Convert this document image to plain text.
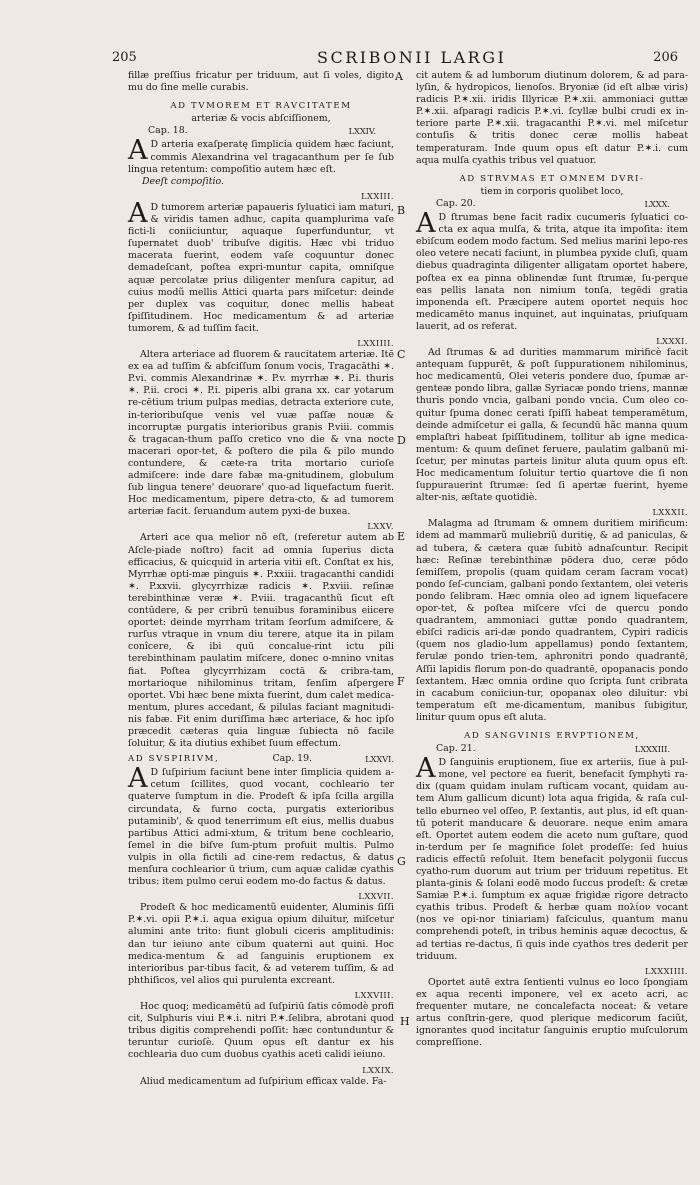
205	SCRIBONII LARGI	206
A
B
C
D
E
F
G
H

fillæ preſſius fricatur per triduum, aut ſi voles, digito mu do ſine melle curabis.

AD TVMOREM ET RAVCITATEM
arteriæ & vocis abſciſſionem,
Cap. 18.	LXXIV.

A D arteria exaſperatę ſimplicia quidem hæc faciunt, commis Alexandrina vel tragacanthum per ſe ſub lingua retentum: compoſitio autem hæc eſt.

Deeſt compoſitio.

LXXIII.

A D tumorem arteriæ papaueris ſyluatici iam maturi, & viridis tamen adhuc, capita quamplurima vaſe ficti-li coniiciuntur, aquaque ſuperfunduntur, vt ſupernatet duob' tribuſve digitis. Hæc vbi triduo macerata fuerint, eodem vaſe coquuntur donec demadeſcant, poſtea expri-muntur capita, omniſque aquæ percolatæ prius diligenter menſura capitur, ad cuius modũ mellis Attici quarta pars miſcetur: deinde per duplex vas coquitur, donec mellis habeat ſpiſſitudinem. Hoc medicamentum & ad arteriæ tumorem, & ad tuſſim facit.

LXXIIII.

Altera arteriace ad fluorem & raucitatem arteriæ. Itē ex ea ad tuſſim & abſciſſum ſonum vocis, Tragacāthi ✶. P.vi. commis Alexandrinæ ✶. P.v. myrrhæ ✶. P.i. thuris ✶. P.ii. croci ✶. P.i. piperis albi grana xx. car yotarum re-cētium trium pulpas medias, detracta exteriore cute, in-terioribuſque venis vel vuæ paſſæ nouæ & incorruptæ purgatis interioribus granis P.viii. commis & tragacan-thum paſſo cretico vno die & vna nocte macerari opor-tet, & poſtero die pila & pilo mundo contundere, & cæte-ra trita mortario curioſe admiſcere: inde dare fabæ ma-gnitudinem, globulum ſub lingua tenere' deuorare' quo-ad liquefactum fuerit. Hoc medicamentum, pipere detra-cto, & ad tumorem arteriæ facit. ſeruandum autem pyxi-de buxea.

LXXV.

Arteri ace qua melior nõ eſt, (referetur autem ab Aſcle-piade noſtro) facit ad omnia ſuperius dicta efficacius, & quicquid in arteria vitii eſt. Conſtat ex his, Myrrhæ opti-mæ pinguis ✶. P.xxiii. tragacanthi candidi ✶. P.xxvii. glycyrrhizæ radicis ✶. P.xviii. reſinæ terebinthinæ veræ ✶. P.viii. tragacanthũ ſicut eſt contūdere, & per cribrū tenuibus foraminibus eiicere oportet: deinde myrrham tritam ſeorſum admiſcere, & rurſus vtraque in vnum diu terere, atque ita in pilam conîcere, & ibi quū concalue-rint ictu pili terebinthinam paulatim miſcere, donec o-mnino vnitas fiat. Poſtea glycyrrhizam coctā & cribra-tam, mortarioque nihilominus tritam, ſenſim aſpergere oportet. Vbi hæc bene mixta fuerint, dum calet medica-mentum, plures accedant, & pilulas faciant magnitudi-nis fabæ. Fit enim duriſſima hæc arteriace, & hoc ipſo præcedit cæteras quia linguæ ſubiecta nō facile ſoluitur, & ita diutius exhibet ſuum effectum.

AD SVSPIRIVM,	Cap. 19.	LXXVI.

A D ſuſpirium faciunt bene inter ſimplicia quidem a-cetum ſcillites, quod vocant, cochleario ter quaterve ſumptum in die. Prodeſt & ipſa ſcilla argilla circundata, & furno cocta, purgatis exterioribus putaminib', & quod tenerrimum eſt eius, mellis duabus partibus Attici admi-xtum, & tritum bene cochleario, ſemel in die biſve ſum-ptum profuit multis. Pulmo vulpis in olla fictili ad cine-rem redactus, & datus menſura cochlearior ū trium, cum aquæ calidæ cyathis tribus: item pulmo cerui eodem mo-do factus & datus.

LXXVII.

Prodeſt & hoc medicamentũ euidenter, Aluminis ſiſſi P.✶.vi. opii P.✶.i. aqua exigua opium diluitur, miſcetur alumini ante trito: fiunt globuli ciceris amplitudinis: dan tur ieiuno ante cibum quaterni aut quini. Hoc medica-mentum & ad ſanguinis eruptionem ex interioribus par-tibus facit, & ad veterem tuſſim, & ad phthiſicos, vel alios qui purulenta excreant.

LXXVIII.

Hoc quoq; medicamētū ad ſuſpiriū ſatis cōmodè profi cit, Sulphuris viui P.✶.i. nitri P.✶.ſelibra, abrotani quod tribus digitis comprehendi poſſit: hæc contunduntur & teruntur curioſè. Quum opus eſt dantur ex his cochlearia duo cum duobus cyathis aceti calidi ieiuno.

LXXIX.

Aliud medicamentum ad ſuſpirium efficax valde. Fa-

cit autem & ad lumborum diutinum dolorem, & ad para-lyſin, & hydropicos, lienoſos. Bryoniæ (id eſt albæ viris) radicis P.✶.xii. iridis Illyricæ P.✶.xii. ammoniaci guttæ P.✶.xii. aſparagi radicis P.✶.vi. ſcyllæ bulbi crudi ex in-teriore parte P.✶.xii. tragacanthi P.✶.vi. mel miſcetur contuſis & tritis donec ceræ mollis habeat temperaturam. Inde quum opus eſt datur P.✶.i. cum aqua mulſa cyathis tribus vel quatuor.

AD STRVMAS ET OMNEM DVRI-
tiem in corporis quolibet loco,
Cap. 20.	LXXX.

A D ſtrumas bene facit radix cucumeris ſyluatici co-cta ex aqua mulſa, & trita, atque ita impoſita: item ebiſcum eodem modo factum. Sed melius marini lepo-res oleo vetere necati faciunt, in plumbea pyxide cluſi, quam diebus quadraginta diligenter alligatam oportet habere, poſtea ex ea pinna oblinendæ ſunt ſtrumæ, ſu-perque eas pellis lanata non nimium tonſa, tegēdi gratia imponenda eſt. Præcipere autem oportet nequis hoc medicamēto manus inquinet, aut inquinatas, priuſquam lauerit, ad os referat.

LXXXI.

Ad ſtrumas & ad durities mammarum mirificè facit antequam ſuppurēt, & poſt ſuppurationem nihilominus, hoc medicamentū, Olei veteris pondere duo, ſpumæ ar-genteæ pondo libra, gallæ Syriacæ pondo triens, mannæ thuris pondo vncia, galbani pondo vncia. Cum oleo co-quitur ſpuma donec cerati ſpiſſi habeat temperamētum, deinde admiſcetur ei galla, & ſecundū hãc manna quum emplaſtri habeat ſpiſſitudinem, tollitur ab igne medica-mentum: & quum deſinet feruere, paulatim galbanū mi-ſcetur, per minutas parteis linitur aluta quum opus eſt. Hoc medicamentum ſoluitur tertio quartove die ſi non ſuppurauerint ſtrumæ: ſed ſi apertæ fuerint, hyeme alter-nis, æſtate quotidiè.

LXXXII.

Malagma ad ſtrumam & omnem duritiem mirificum: idem ad mammarũ muliebriũ duritię, & ad paniculas, & ad tubera, & cætera quæ ſubitò adnaſcuntur. Recipit hæc: Reſinæ terebinthinæ pōdera duo, ceræ pōdo ſemiſſem, propolis (quam quidam ceram ſacram vocat) pondo ſeſ-cunciam, galbani pondo ſextantem, olei veteris pondo ſelibram. Hæc omnia oleo ad ignem liquefacere opor-tet, & poſtea miſcere vſci de quercu pondo quadrantem, ammoniaci guttæ pondo quadrantem, ebiſci radicis ari-dæ pondo quadrantem, Cypiri radicis (quem nos gladio-lum appellamus) pondo ſextantem, ferulæ pondo trien-tem, aphronitri pondo quadrantē, Aſſii lapidis florum pon-do quadrantē, opopanacis pondo ſextantem. Hæc omnia ordine quo ſcripta ſunt cribrata in cacabum coniiciun-tur, opopanax oleo diluitur: vbi temperatum eſt me-dicamentum, manibus ſubigitur, linitur quum opus eſt aluta.

AD SANGVINIS ERVPTIONEM,
Cap. 21.	LXXXIII.

A D ſanguinis eruptionem, ſiue ex arteriis, ſiue à pul-mone, vel pectore ea fuerit, benefacit ſymphyti ra-dix (quam quidam inulam ruſticam vocant, quidam au-tem Alum gallicum dicunt) lota aqua frigida, & raſa cul-tello eburneo vel oſſeo, P. ſextantis, aut plus, id eſt quan-tũ poterit manducare & deuorare. neque enim amara eſt. Oportet autem eodem die aceto num guſtare, quod in-terdum per ſe magnifice ſolet prodeſſe: ſed huius radicis effectũ reſoluit. Item benefacit polygonii ſuccus cyatho-rum duorum aut trium per triduum repetitus. Et planta-ginis & ſolani eodē modo ſuccus prodeſt: & cretæ Samiæ P.✶.i. ſumptum ex aquæ frigidæ rigore detracto cyathis tribus. Prodeſt & herbæ quam πολίον vocant (nos ve opi-nor tiniariam) faſciculus, quantum manu comprehendi poteſt, in tribus heminis aquæ decoctus, & ad tertias re-dactus, ſi quis inde cyathos tres dederit per triduum.

LXXXIIII.

Oportet autē extra ſentienti vulnus eo loco ſpongiam ex aqua recenti imponere, vel ex aceto acri, ac frequenter mutare, ne concalefacta noceat: & vetare artus conſtrin-gere, quod plerique medicorum faciũt, ignorantes quod incitatur ſanguinis eruptio muſculorum compreſſione.
